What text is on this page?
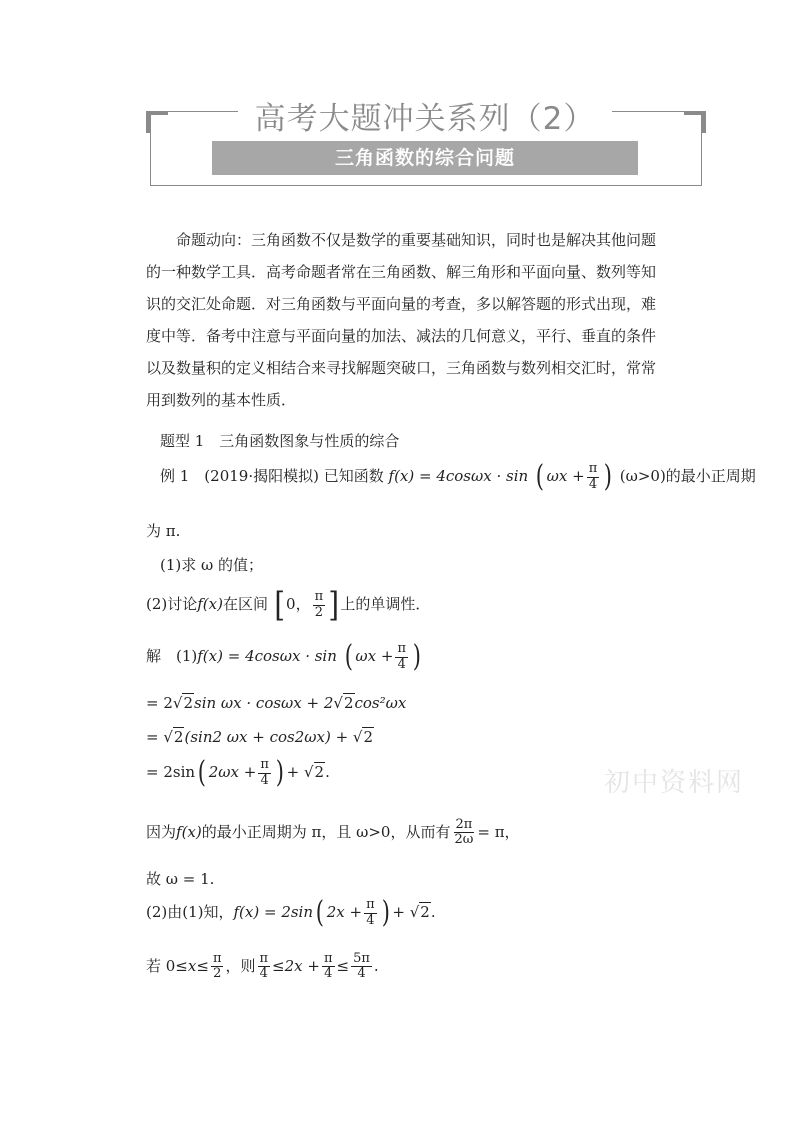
高考大题冲关系列（2）
三角函数的综合问题
命题动向：三角函数不仅是数学的重要基础知识，同时也是解决其他问题的一种数学工具．高考命题者常在三角函数、解三角形和平面向量、数列等知识的交汇处命题．对三角函数与平面向量的考查，多以解答题的形式出现，难度中等．备考中注意与平面向量的加法、减法的几何意义，平行、垂直的条件以及数量积的定义相结合来寻找解题突破口，三角函数与数列相交汇时，常常用到数列的基本性质．
题型 1　三角函数图象与性质的综合
例 1　(2019·揭阳模拟) 已知函数 f(x) = 4cosωx · sin ( $\omega x + \frac{\pi}{4}$ ) (ω>0)的最小正周期
为 π.
(1)求 ω 的值；
(2)讨论f(x)在区间 [0， $\frac{\pi}{2}$ ]上的单调性．
解　(1)f(x) = 4cosωx · sin ( $\omega x + \frac{\pi}{4}$ )
= 2√2sin ωx · cosωx + 2√2cos²ωx
= √2(sin2 ωx + cos2ωx) + √2
= 2sin( $2\omega x + \frac{\pi}{4}$ ) + √2.
因为f(x)的最小正周期为 π，且 ω>0，从而有 $\frac{2\pi}{2\omega} = \pi$，
故 ω = 1.
(2)由(1)知，f(x) = 2sin( $2x + \frac{\pi}{4}$ ) + √2.
若 $0\le x\le \frac{\pi}{2}$ ，则 $\frac{\pi}{4} \le 2x + \frac{\pi}{4} \le \frac{5\pi}{4}$ .
初中资料网
